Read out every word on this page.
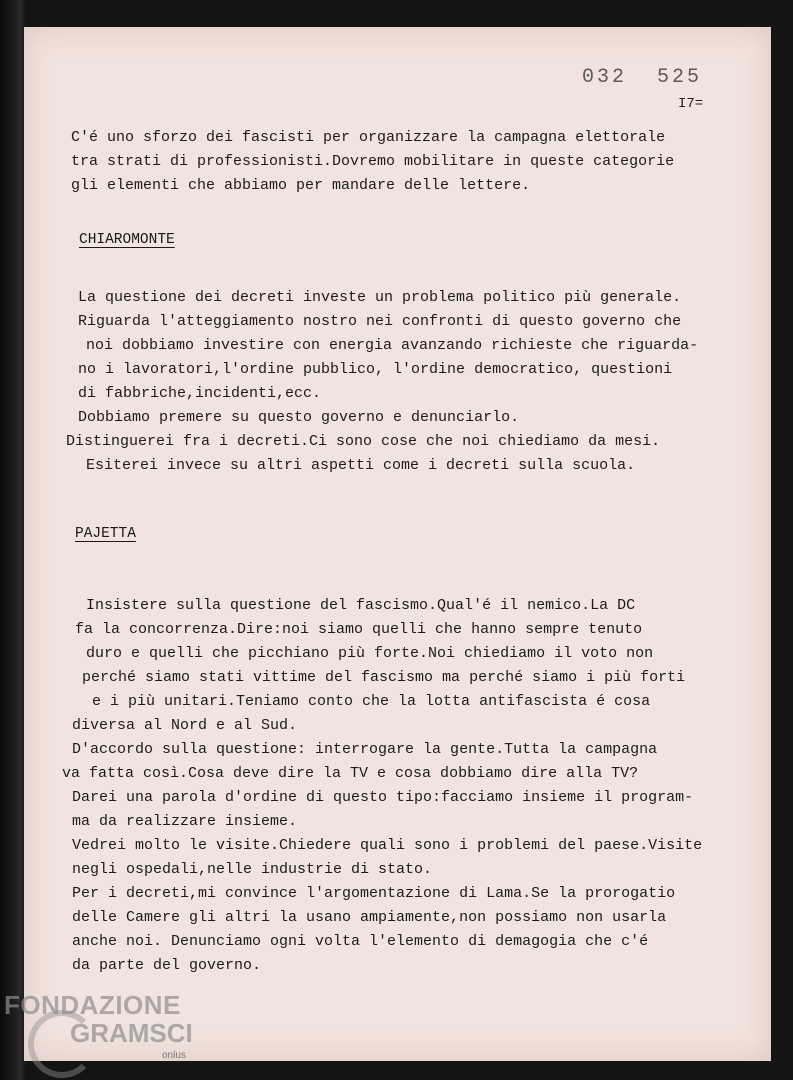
032  525
I7=
C'é uno sforzo dei fascisti per organizzare la campagna elettorale
tra strati di professionisti.Dovremo mobilitare in queste categorie
gli elementi che abbiamo per mandare delle lettere.
CHIAROMONTE
La questione dei decreti investe un problema politico più generale.
Riguarda l'atteggiamento nostro nei confronti di questo governo che
noi dobbiamo investire con energia avanzando richieste che riguarda-
no i lavoratori,l'ordine pubblico, l'ordine democratico, questioni
di fabbriche,incidenti,ecc.
Dobbiamo premere su questo governo e denunciarlo.
Distinguerei fra i decreti.Ci sono cose che noi chiediamo da mesi.
Esiterei invece su altri aspetti come i decreti sulla scuola.
PAJETTA
Insistere sulla questione del fascismo.Qual'é il nemico.La DC
fa la concorrenza.Dire:noi siamo quelli che hanno sempre tenuto
duro e quelli che picchiano più forte.Noi chiediamo il voto non
perché siamo stati vittime del fascismo ma perché siamo i più forti
e i più unitari.Teniamo conto che la lotta antifascista é cosa
diversa al Nord e al Sud.
D'accordo sulla questione: interrogare la gente.Tutta la campagna
va fatta così.Cosa deve dire la TV e cosa dobbiamo dire alla TV?
Darei una parola d'ordine di questo tipo:facciamo insieme il program-
ma da realizzare insieme.
Vedrei molto le visite.Chiedere quali sono i problemi del paese.Visite
negli ospedali,nelle industrie di stato.
Per i decreti,mi convince l'argomentazione di Lama.Se la prorogatio
delle Camere gli altri la usano ampiamente,non possiamo non usarla
anche noi. Denunciamo ogni volta l'elemento di demagogia che c'é
da parte del governo.
FONDAZIONE
GRAMSCI
onlus
